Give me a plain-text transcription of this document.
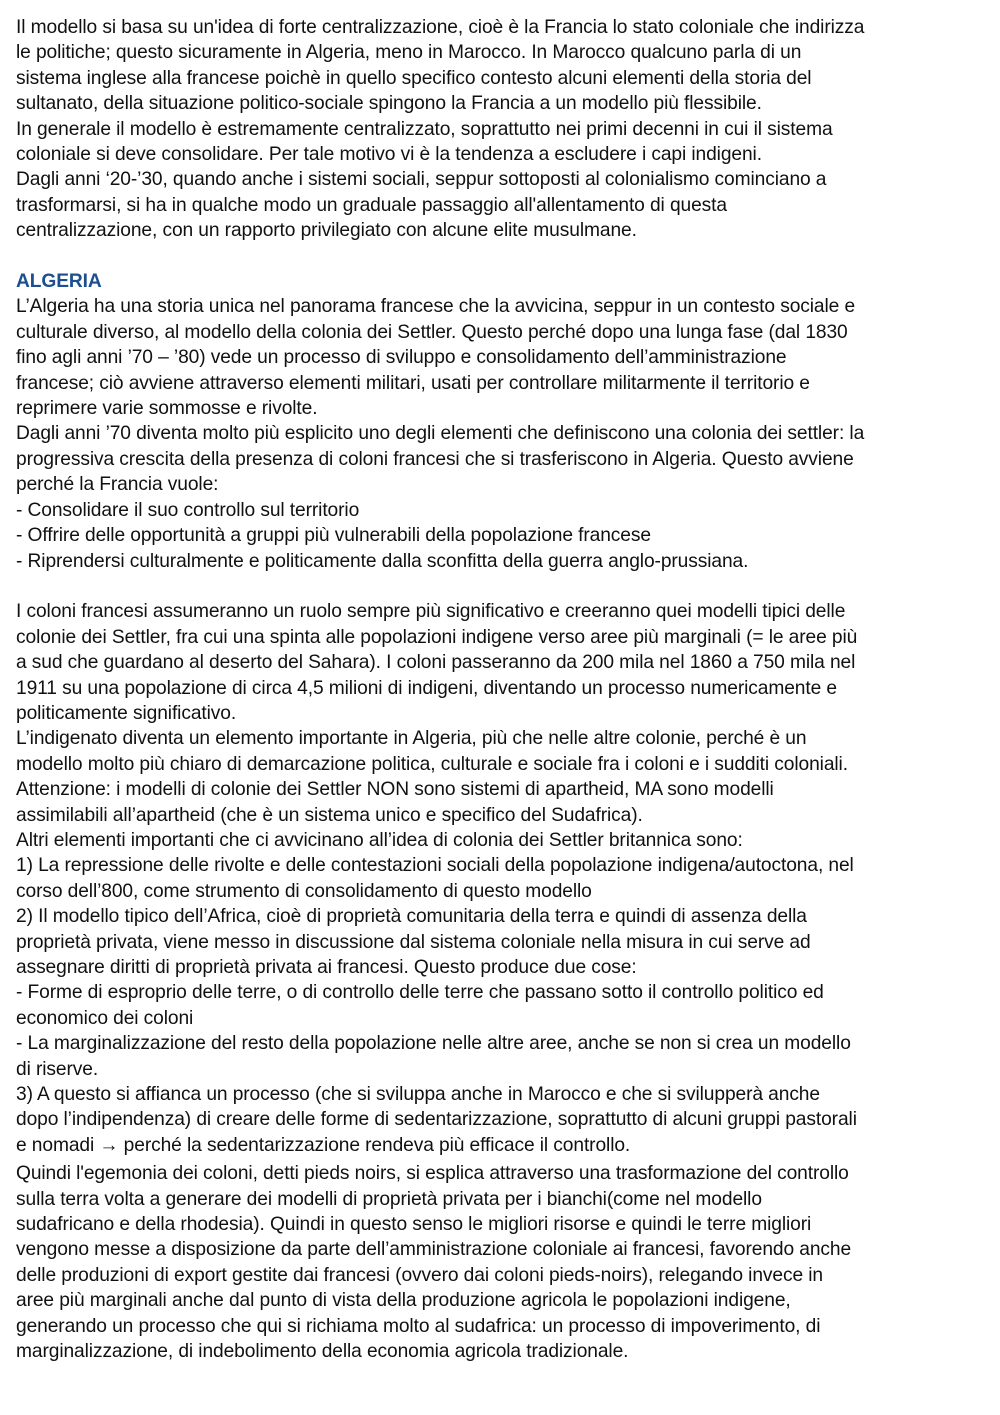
Il modello si basa su un'idea di forte centralizzazione, cioè è la Francia lo stato coloniale che indirizza
le politiche; questo sicuramente in Algeria, meno in Marocco. In Marocco qualcuno parla di un
sistema inglese alla francese poichè in quello specifico contesto alcuni elementi della storia del
sultanato, della situazione politico-sociale spingono la Francia a un modello più flessibile.

In generale il modello è estremamente centralizzato, soprattutto nei primi decenni in cui il sistema
coloniale si deve consolidare. Per tale motivo vi è la tendenza a escludere i capi indigeni.

Dagli anni ‘20-’30, quando anche i sistemi sociali, seppur sottoposti al colonialismo cominciano a
trasformarsi, si ha in qualche modo un graduale passaggio all'allentamento di questa
centralizzazione, con un rapporto privilegiato con alcune elite musulmane.

ALGERIA

L’Algeria ha una storia unica nel panorama francese che la avvicina, seppur in un contesto sociale e
culturale diverso, al modello della colonia dei Settler. Questo perché dopo una lunga fase (dal 1830
fino agli anni ’70 – ’80) vede un processo di sviluppo e consolidamento dell’amministrazione
francese; ciò avviene attraverso elementi militari, usati per controllare militarmente il territorio e
reprimere varie sommosse e rivolte.

Dagli anni ’70 diventa molto più esplicito uno degli elementi che definiscono una colonia dei settler: la
progressiva crescita della presenza di coloni francesi che si trasferiscono in Algeria. Questo avviene
perché la Francia vuole:

- Consolidare il suo controllo sul territorio

- Offrire delle opportunità a gruppi più vulnerabili della popolazione francese

- Riprendersi culturalmente e politicamente dalla sconfitta della guerra anglo-prussiana.

I coloni francesi assumeranno un ruolo sempre più significativo e creeranno quei modelli tipici delle
colonie dei Settler, fra cui una spinta alle popolazioni indigene verso aree più marginali (= le aree più
a sud che guardano al deserto del Sahara). I coloni passeranno da 200 mila nel 1860 a 750 mila nel
1911 su una popolazione di circa 4,5 milioni di indigeni, diventando un processo numericamente e
politicamente significativo.

L’indigenato diventa un elemento importante in Algeria, più che nelle altre colonie, perché è un
modello molto più chiaro di demarcazione politica, culturale e sociale fra i coloni e i sudditi coloniali.

Attenzione: i modelli di colonie dei Settler NON sono sistemi di apartheid, MA sono modelli
assimilabili all’apartheid (che è un sistema unico e specifico del Sudafrica).

Altri elementi importanti che ci avvicinano all’idea di colonia dei Settler britannica sono:

1) La repressione delle rivolte e delle contestazioni sociali della popolazione indigena/autoctona, nel
corso dell’800, come strumento di consolidamento di questo modello

2) Il modello tipico dell’Africa, cioè di proprietà comunitaria della terra e quindi di assenza della
proprietà privata, viene messo in discussione dal sistema coloniale nella misura in cui serve ad
assegnare diritti di proprietà privata ai francesi. Questo produce due cose:

- Forme di esproprio delle terre, o di controllo delle terre che passano sotto il controllo politico ed
economico dei coloni

- La marginalizzazione del resto della popolazione nelle altre aree, anche se non si crea un modello
di riserve.

3) A questo si affianca un processo (che si sviluppa anche in Marocco e che si svilupperà anche
dopo l’indipendenza) di creare delle forme di sedentarizzazione, soprattutto di alcuni gruppi pastorali
e nomadi → perché la sedentarizzazione rendeva più efficace il controllo.

Quindi l'egemonia dei coloni, detti pieds noirs, si esplica attraverso una trasformazione del controllo
sulla terra volta a generare dei modelli di proprietà privata per i bianchi(come nel modello
sudafricano e della rhodesia). Quindi in questo senso le migliori risorse e quindi le terre migliori
vengono messe a disposizione da parte dell’amministrazione coloniale ai francesi, favorendo anche
delle produzioni di export gestite dai francesi (ovvero dai coloni pieds-noirs), relegando invece in
aree più marginali anche dal punto di vista della produzione agricola le popolazioni indigene,
generando un processo che qui si richiama molto al sudafrica: un processo di impoverimento, di
marginalizzazione, di indebolimento della economia agricola tradizionale.
